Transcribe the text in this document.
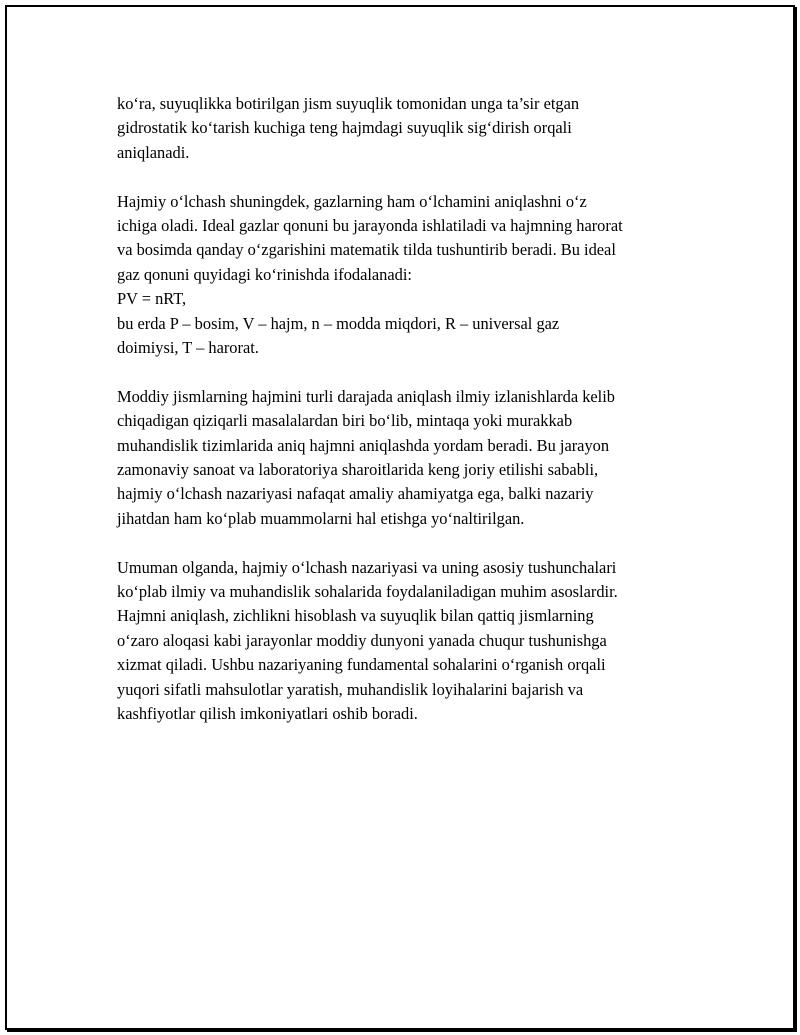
ko‘ra, suyuqlikka botirilgan jism suyuqlik tomonidan unga ta’sir etgan
gidrostatik ko‘tarish kuchiga teng hajmdagi suyuqlik sig‘dirish orqali
aniqlanadi.

Hajmiy o‘lchash shuningdek, gazlarning ham o‘lchamini aniqlashni o‘z
ichiga oladi. Ideal gazlar qonuni bu jarayonda ishlatiladi va hajmning harorat
va bosimda qanday o‘zgarishini matematik tilda tushuntirib beradi. Bu ideal
gaz qonuni quyidagi ko‘rinishda ifodalanadi:
PV = nRT,
bu erda P – bosim, V – hajm, n – modda miqdori, R – universal gaz
doimiysi, T – harorat.

Moddiy jismlarning hajmini turli darajada aniqlash ilmiy izlanishlarda kelib
chiqadigan qiziqarli masalalardan biri bo‘lib, mintaqa yoki murakkab
muhandislik tizimlarida aniq hajmni aniqlashda yordam beradi. Bu jarayon
zamonaviy sanoat va laboratoriya sharoitlarida keng joriy etilishi sababli,
hajmiy o‘lchash nazariyasi nafaqat amaliy ahamiyatga ega, balki nazariy
jihatdan ham ko‘plab muammolarni hal etishga yo‘naltirilgan.

Umuman olganda, hajmiy o‘lchash nazariyasi va uning asosiy tushunchalari
ko‘plab ilmiy va muhandislik sohalarida foydalaniladigan muhim asoslardir.
Hajmni aniqlash, zichlikni hisoblash va suyuqlik bilan qattiq jismlarning
o‘zaro aloqasi kabi jarayonlar moddiy dunyoni yanada chuqur tushunishga
xizmat qiladi. Ushbu nazariyaning fundamental sohalarini o‘rganish orqali
yuqori sifatli mahsulotlar yaratish, muhandislik loyihalarini bajarish va
kashfiyotlar qilish imkoniyatlari oshib boradi.
